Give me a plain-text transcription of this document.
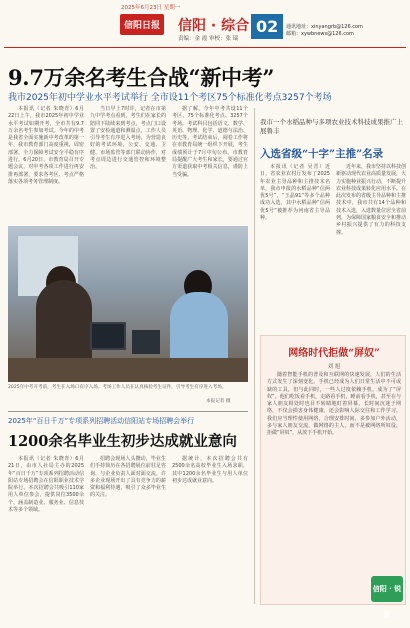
2025年6月23日 星期一
信阳日报 信阳 · 综合
责编：金 霞 审校：张 瑞
02	通讯地址：xinyangrb@126.com
邮箱：xywbnews@126.com
9.7万余名考生合战“新中考”
我市2025年初中学业水平考试举行 全市设11个考区75个标准化考点3257个考场

本报讯（记者 朱晓青）6月22日上午，我市2025年初中学业水平考试如期开考，全市共有9.7万余名考生参加考试。今年的中考是我省全面实施新中考改革的第一年，我市教育部门高度重视，周密部署，全力保障考试安全平稳有序进行。6月20日，市教育局召开专题会议，对中考各项工作进行再安排再部署，要求各考区、考点严格落实各项考务管理制度。

当日早上7时许，记者在市第九中学考点看到，考生们在家长的陪同下陆续来到考点，考点门口设置了安检通道和测温点，工作人员引导考生有序进入考场。为营造良好的考试环境，公安、交通、卫健、市场监管等部门联动协作，对考点周边进行交通管控和环境整治。

据了解，今年中考共设11个考区、75个标准化考点、3257个考场。考试科目包括语文、数学、英语、物理、化学、道德与法治、历史等。考试结束后，阅卷工作将在市教育局统一组织下开展，考生成绩预计于7月中旬公布。市教育局提醒广大考生和家长，要通过官方渠道获取中考相关信息，谨防上当受骗。

2025年中考开考前，考生在入场口有序入场。考场工作人员在认真核验考生证件，引导考生有序进入考场。
本报记者 摄
2025年“百日千万”专项系列招聘活动信阳站专场招聘会举行
1200余名毕业生初步达成就业意向

本报讯（记者 朱晓青）6月21日，由市人社局主办的2025年“百日千万”专项系列招聘活动信阳站专场招聘会在信阳职业技术学院举行。本次招聘会共吸引110家用人单位参会，提供岗位3500余个，涵盖制造业、服务业、信息技术等多个领域。

招聘会现场人头攒动，毕业生们手持简历在各招聘展位前驻足咨询，与企业负责人面对面交流。许多企业现场开出了具有竞争力的薪资和福利待遇，吸引了众多毕业生的关注。

据统计，本次招聘会共有2500余名高校毕业生入场求职，其中1200余名毕业生与用人单位初步达成就业意向。

我市一个水稻品种与多项农业技术科技成果推广上展鲁丰
入选省级“十字”主推”名录

本报讯（记者 吴晋）近日，省农业农村厅发布了2025年农业主导品种和主推技术名单，我市申报的水稻品种“信两优5号”、“玉晶91”等多个品种成功入选，其中水稻品种“信两优5号”被推荐为河南省主导品种。

近年来，我市坚持以科技创新驱动现代农业高质量发展，大力实施种业振兴行动，不断提升农业科技成果转化应用水平。在此次发布的省级主导品种和主推技术中，我市共有14个品种和技术入选，入选数量位居全省前列，为保障国家粮食安全和推动乡村振兴提供了有力的科技支撑。

网络时代拒做“屏奴”
刘 旭

随着智能手机的普及和互联网的快速发展，人们的生活方式发生了深刻变化。手机已经成为人们日常生活中不可或缺的工具，但与此同时，一些人过度依赖手机，成为了“屏奴”。他们吃饭看手机，走路看手机，睡前看手机，甚至在与家人朋友相处时也目不转睛地盯着屏幕。长时间沉迷于网络，不仅会损害身体健康，还会影响人际交往和工作学习。我们应当理性使用网络，合理安排时间，多参加户外活动，多与家人朋友交流，做网络的主人，而不是被网络所奴役。拒做“屏奴”，从放下手机开始。

信阳 · 锐评
